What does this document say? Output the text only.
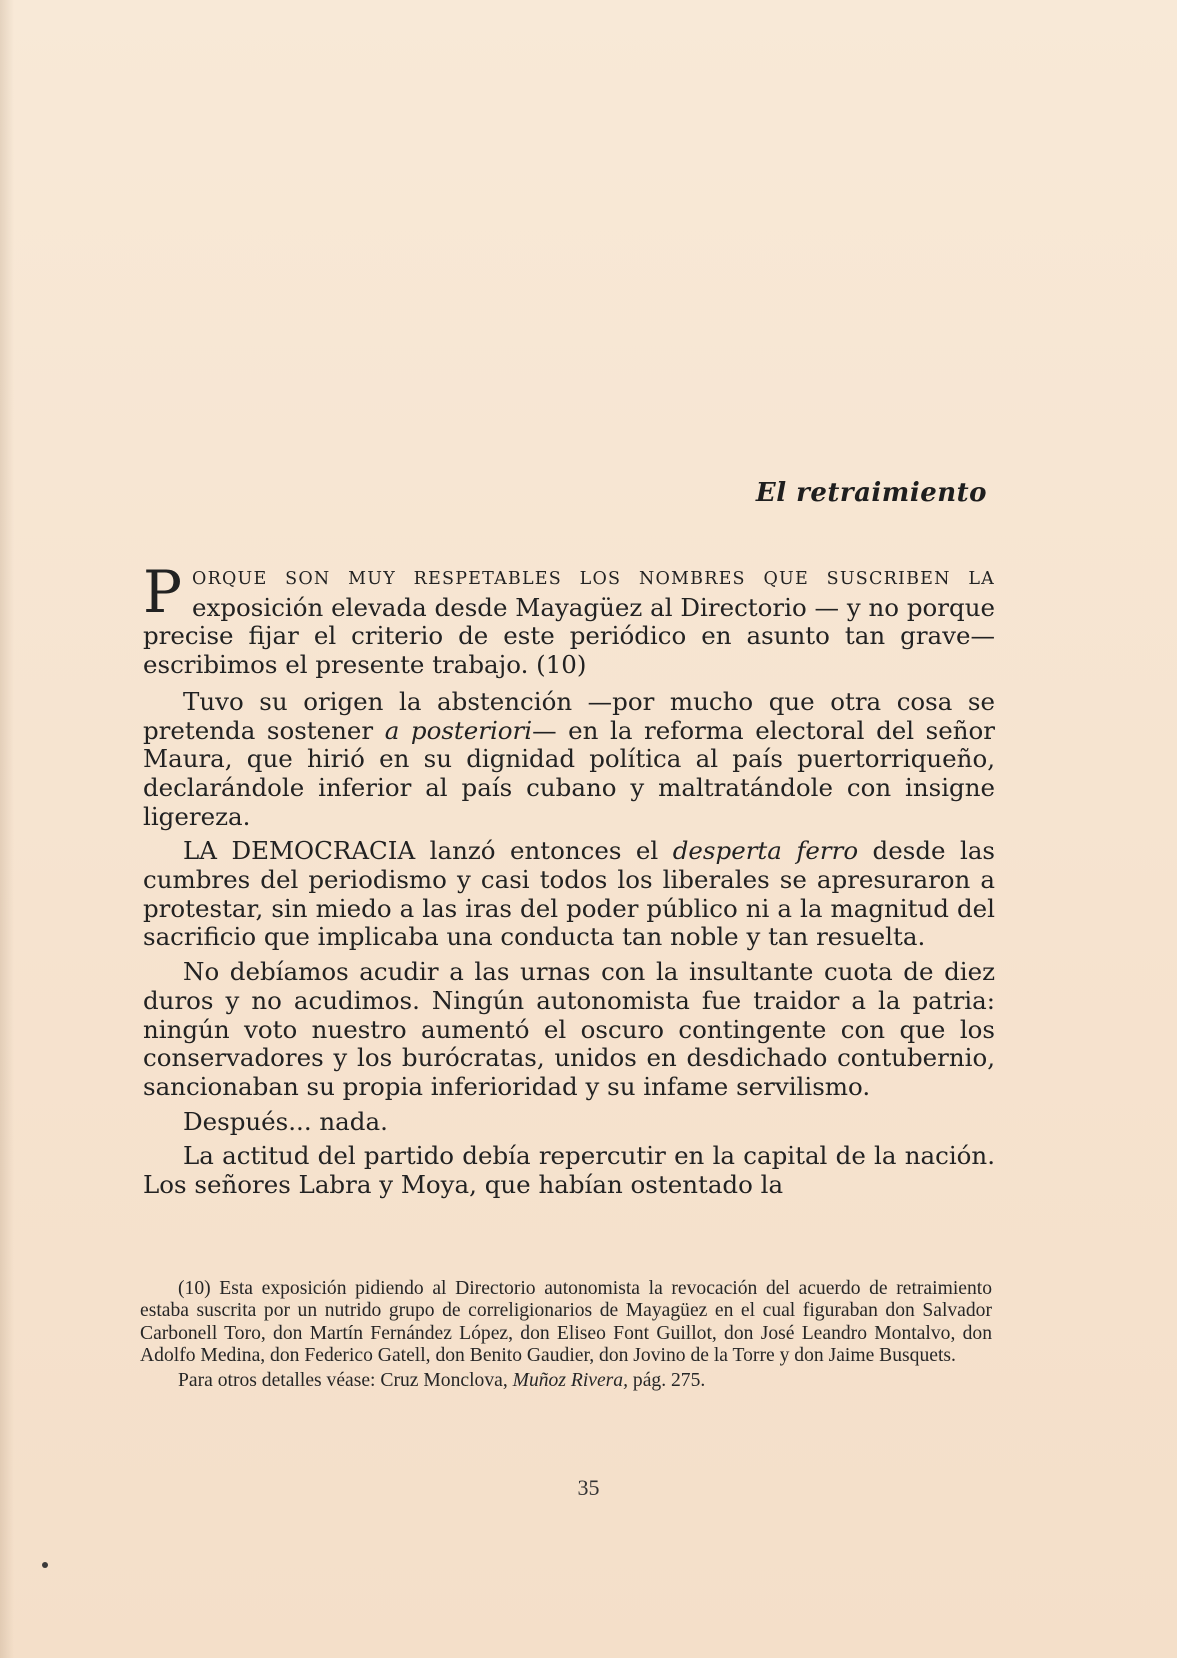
El retraimiento

PORQUE SON MUY RESPETABLES LOS NOMBRES QUE SUSCRIBEN LA exposición elevada desde Mayagüez al Directorio — y no porque precise fijar el criterio de este periódico en asunto tan grave— escribimos el presente trabajo. (10)

Tuvo su origen la abstención —por mucho que otra cosa se pretenda sostener a posteriori— en la reforma electoral del señor Maura, que hirió en su dignidad política al país puertorriqueño, declarándole inferior al país cubano y maltratándole con insigne ligereza.

LA DEMOCRACIA lanzó entonces el desperta ferro desde las cumbres del periodismo y casi todos los liberales se apresuraron a protestar, sin miedo a las iras del poder público ni a la magnitud del sacrificio que implicaba una conducta tan noble y tan resuelta.

No debíamos acudir a las urnas con la insultante cuota de diez duros y no acudimos. Ningún autonomista fue traidor a la patria: ningún voto nuestro aumentó el oscuro contingente con que los conservadores y los burócratas, unidos en desdichado contubernio, sancionaban su propia inferioridad y su infame servilismo.

Después... nada.

La actitud del partido debía repercutir en la capital de la nación. Los señores Labra y Moya, que habían ostentado la

(10) Esta exposición pidiendo al Directorio autonomista la revocación del acuerdo de retraimiento estaba suscrita por un nutrido grupo de correligionarios de Mayagüez en el cual figuraban don Salvador Carbonell Toro, don Martín Fernández López, don Eliseo Font Guillot, don José Leandro Montalvo, don Adolfo Medina, don Federico Gatell, don Benito Gaudier, don Jovino de la Torre y don Jaime Busquets.

Para otros detalles véase: Cruz Monclova, Muñoz Rivera, pág. 275.

35
